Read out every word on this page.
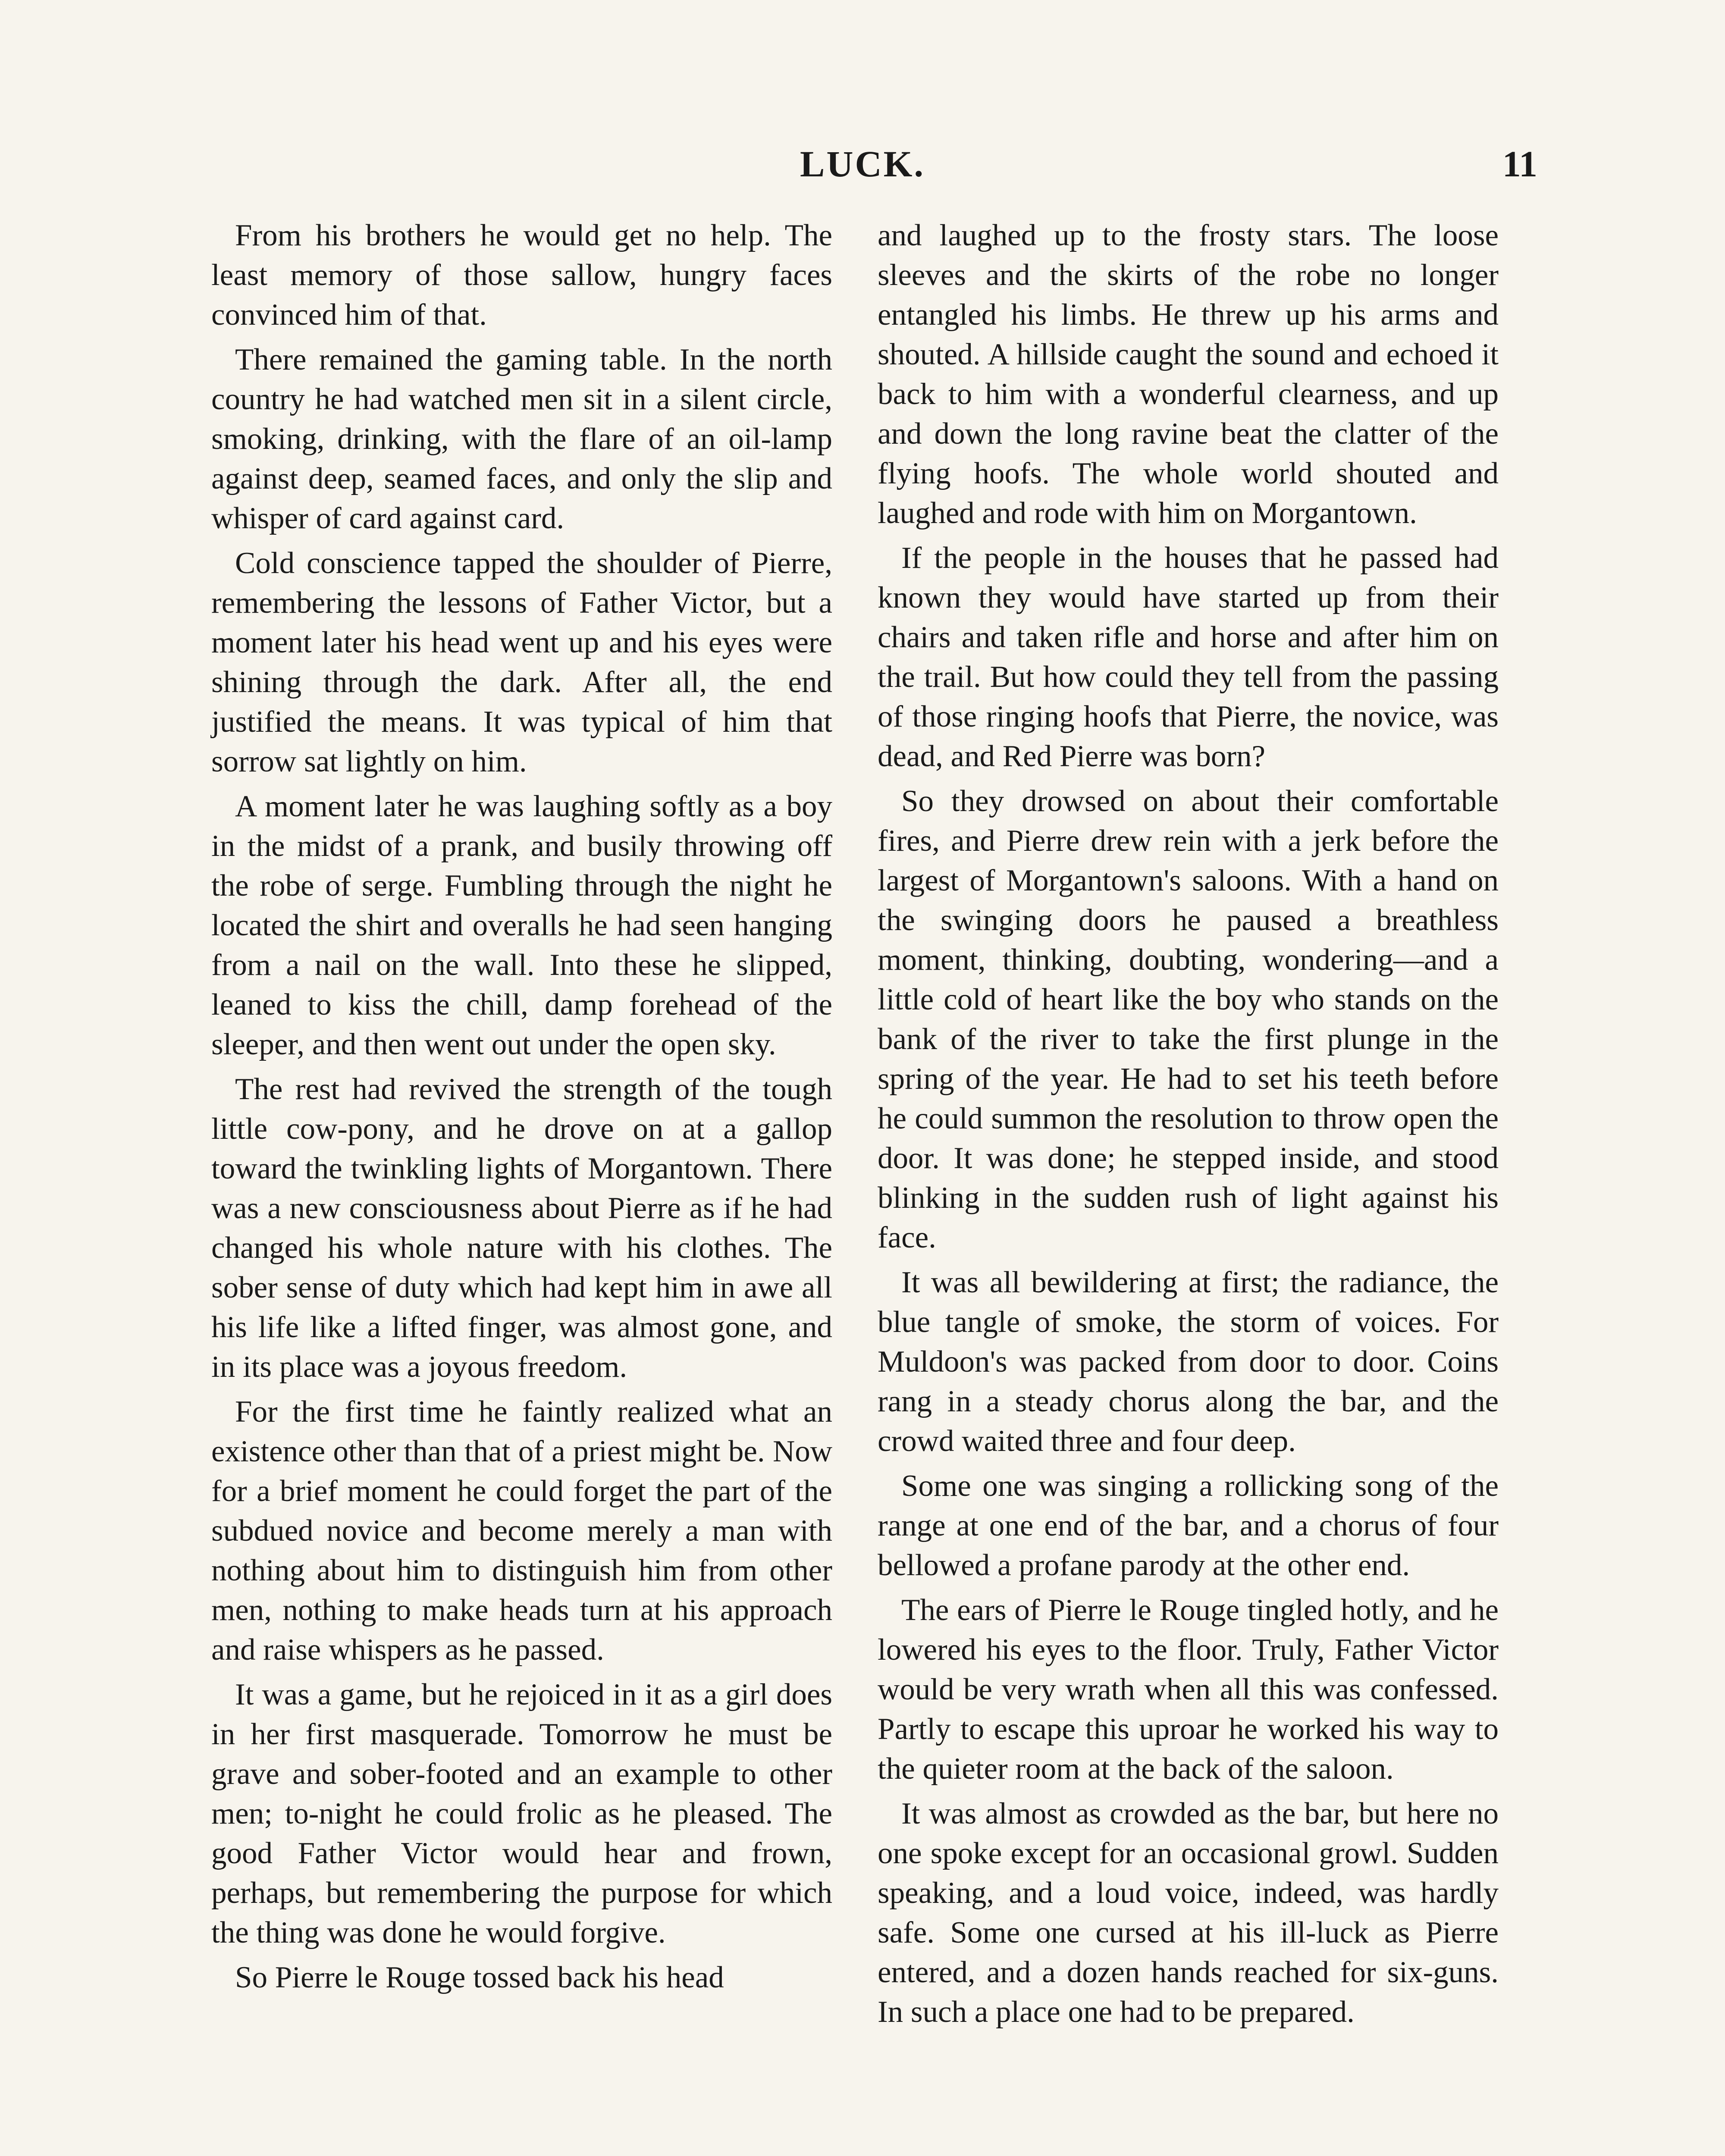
LUCK.	11

From his brothers he would get no help. The least memory of those sallow, hungry faces convinced him of that.

There remained the gaming table. In the north country he had watched men sit in a silent circle, smoking, drinking, with the flare of an oil-lamp against deep, seamed faces, and only the slip and whisper of card against card.

Cold conscience tapped the shoulder of Pierre, remembering the lessons of Father Victor, but a moment later his head went up and his eyes were shining through the dark. After all, the end justified the means. It was typical of him that sorrow sat lightly on him.

A moment later he was laughing softly as a boy in the midst of a prank, and busily throwing off the robe of serge. Fumbling through the night he located the shirt and overalls he had seen hanging from a nail on the wall. Into these he slipped, leaned to kiss the chill, damp forehead of the sleeper, and then went out under the open sky.

The rest had revived the strength of the tough little cow-pony, and he drove on at a gallop toward the twinkling lights of Morgantown. There was a new consciousness about Pierre as if he had changed his whole nature with his clothes. The sober sense of duty which had kept him in awe all his life like a lifted finger, was almost gone, and in its place was a joyous freedom.

For the first time he faintly realized what an existence other than that of a priest might be. Now for a brief moment he could forget the part of the subdued novice and become merely a man with nothing about him to distinguish him from other men, nothing to make heads turn at his approach and raise whispers as he passed.

It was a game, but he rejoiced in it as a girl does in her first masquerade. Tomorrow he must be grave and sober-footed and an example to other men; to-night he could frolic as he pleased. The good Father Victor would hear and frown, perhaps, but remembering the purpose for which the thing was done he would forgive.

So Pierre le Rouge tossed back his head

and laughed up to the frosty stars. The loose sleeves and the skirts of the robe no longer entangled his limbs. He threw up his arms and shouted. A hillside caught the sound and echoed it back to him with a wonderful clearness, and up and down the long ravine beat the clatter of the flying hoofs. The whole world shouted and laughed and rode with him on Morgantown.

If the people in the houses that he passed had known they would have started up from their chairs and taken rifle and horse and after him on the trail. But how could they tell from the passing of those ringing hoofs that Pierre, the novice, was dead, and Red Pierre was born?

So they drowsed on about their comfortable fires, and Pierre drew rein with a jerk before the largest of Morgantown's saloons. With a hand on the swinging doors he paused a breathless moment, thinking, doubting, wondering—and a little cold of heart like the boy who stands on the bank of the river to take the first plunge in the spring of the year. He had to set his teeth before he could summon the resolution to throw open the door. It was done; he stepped inside, and stood blinking in the sudden rush of light against his face.

It was all bewildering at first; the radiance, the blue tangle of smoke, the storm of voices. For Muldoon's was packed from door to door. Coins rang in a steady chorus along the bar, and the crowd waited three and four deep.

Some one was singing a rollicking song of the range at one end of the bar, and a chorus of four bellowed a profane parody at the other end.

The ears of Pierre le Rouge tingled hotly, and he lowered his eyes to the floor. Truly, Father Victor would be very wrath when all this was confessed. Partly to escape this uproar he worked his way to the quieter room at the back of the saloon.

It was almost as crowded as the bar, but here no one spoke except for an occasional growl. Sudden speaking, and a loud voice, indeed, was hardly safe. Some one cursed at his ill-luck as Pierre entered, and a dozen hands reached for six-guns. In such a place one had to be prepared.
